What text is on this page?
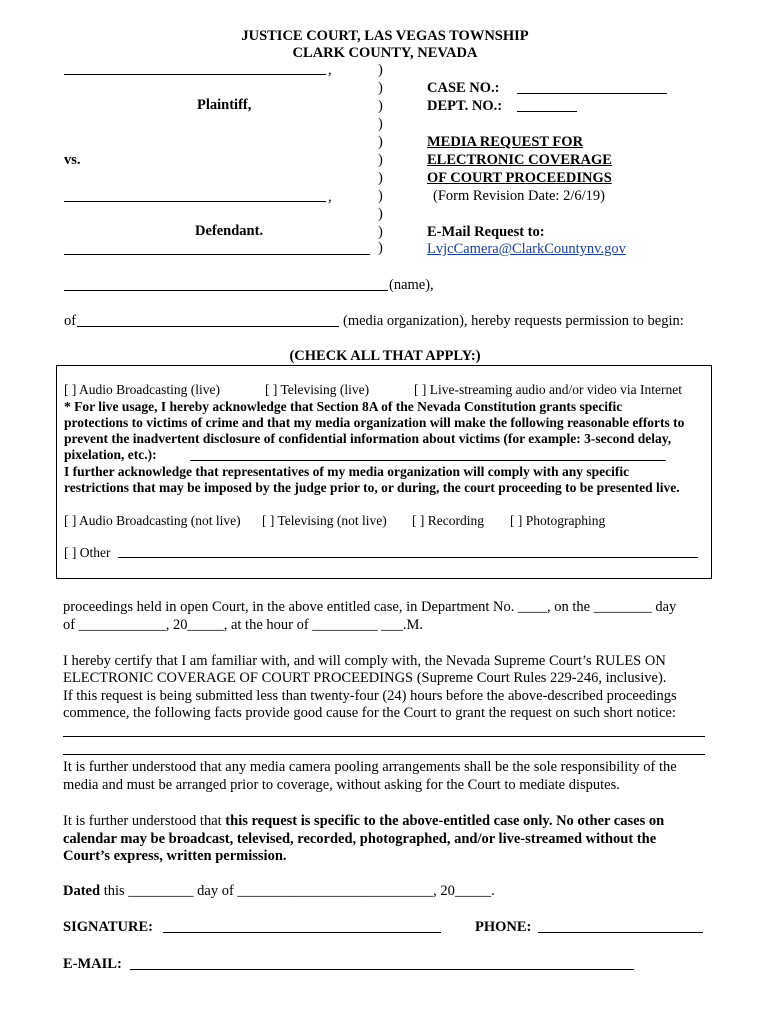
JUSTICE COURT, LAS VEGAS TOWNSHIP
CLARK COUNTY, NEVADA
,
Plaintiff,
vs.
,
Defendant.
)
)
)
)
)
)
)
)
)
)
)
CASE NO.:
DEPT. NO.:
MEDIA REQUEST FOR
ELECTRONIC COVERAGE
OF COURT PROCEEDINGS
(Form Revision Date: 2/6/19)
E-Mail Request to:
LvjcCamera@ClarkCountynv.gov
(name),
of	(media organization), hereby requests permission to begin:
(CHECK ALL THAT APPLY:)
[ ] Audio Broadcasting (live)	[ ] Televising (live)	[ ] Live-streaming audio and/or video via Internet
* For live usage, I hereby acknowledge that Section 8A of the Nevada Constitution grants specific
protections to victims of crime and that my media organization will make the following reasonable efforts to
prevent the inadvertent disclosure of confidential information about victims (for example: 3-second delay,
pixelation, etc.):
I further acknowledge that representatives of my media organization will comply with any specific
restrictions that may be imposed by the judge prior to, or during, the court proceeding to be presented live.
[ ] Audio Broadcasting (not live) [ ] Televising (not live) [ ] Recording [ ] Photographing
[ ] Other
proceedings held in open Court, in the above entitled case, in Department No. ____, on the ________ day
of ____________, 20_____, at the hour of _________ ___.M.
I hereby certify that I am familiar with, and will comply with, the Nevada Supreme Court’s RULES ON
ELECTRONIC COVERAGE OF COURT PROCEEDINGS (Supreme Court Rules 229-246, inclusive).
If this request is being submitted less than twenty-four (24) hours before the above-described proceedings
commence, the following facts provide good cause for the Court to grant the request on such short notice:
It is further understood that any media camera pooling arrangements shall be the sole responsibility of the
media and must be arranged prior to coverage, without asking for the Court to mediate disputes.
It is further understood that this request is specific to the above-entitled case only. No other cases on
calendar may be broadcast, televised, recorded, photographed, and/or live-streamed without the
Court’s express, written permission.
Dated this _________ day of ___________________________, 20_____.
SIGNATURE:	PHONE:
E-MAIL:
